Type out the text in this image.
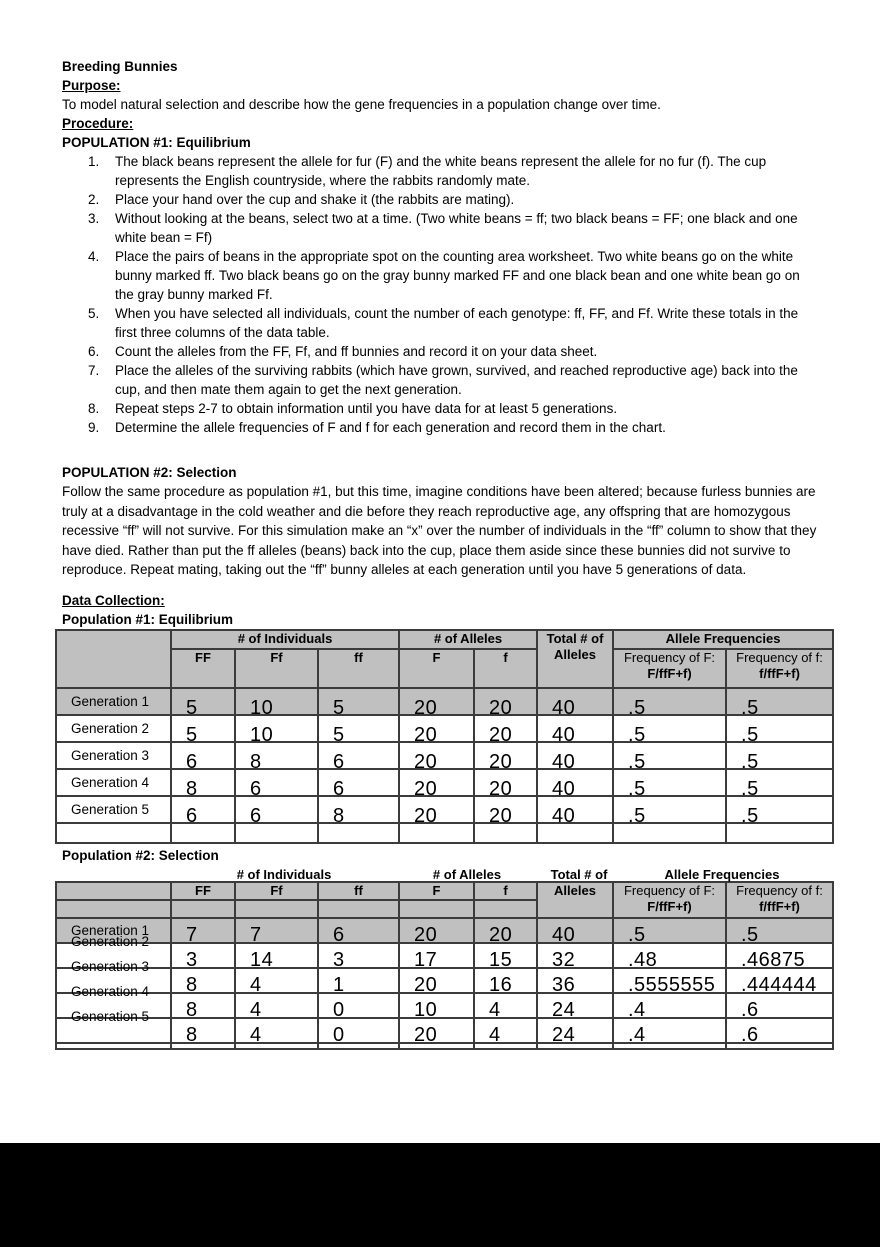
Breeding Bunnies

Purpose:

To model natural selection and describe how the gene frequencies in a population change over time.

Procedure:

POPULATION #1: Equilibrium

1.	The black beans represent the allele for fur (F) and the white beans represent the allele for no fur (f). The cup represents the English countryside, where the rabbits randomly mate.
2.	Place your hand over the cup and shake it (the rabbits are mating).
3.	Without looking at the beans, select two at a time. (Two white beans = ff; two black beans = FF; one black and one white bean = Ff)
4.	Place the pairs of beans in the appropriate spot on the counting area worksheet. Two white beans go on the white bunny marked ff. Two black beans go on the gray bunny marked FF and one black bean and one white bean go on the gray bunny marked Ff.
5.	When you have selected all individuals, count the number of each genotype: ff, FF, and Ff. Write these totals in the first three columns of the data table.
6.	Count the alleles from the FF, Ff, and ff bunnies and record it on your data sheet.
7.	Place the alleles of the surviving rabbits (which have grown, survived, and reached reproductive age) back into the cup, and then mate them again to get the next generation.
8.	Repeat steps 2-7 to obtain information until you have data for at least 5 generations.
9.	Determine the allele frequencies of F and f for each generation and record them in the chart.

POPULATION #2: Selection

Follow the same procedure as population #1, but this time, imagine conditions have been altered; because furless bunnies are truly at a disadvantage in the cold weather and die before they reach reproductive age, any offspring that are homozygous recessive “ff” will not survive. For this simulation make an “x” over the number of individuals in the “ff” column to show that they have died. Rather than put the ff alleles (beans) back into the cup, place them aside since these bunnies did not survive to reproduce. Repeat mating, taking out the “ff” bunny alleles at each generation until you have 5 generations of data.

Data Collection:

Population #1: Equilibrium

	# of Individuals			# of Alleles		Total # of
Alleles	Allele Frequencies	
	FF	Ff	ff	F	f		Frequency of F:
F/ffF+f)	Frequency of f:
f/ffF+f)
Generation 1	5	10	5	20	20	40	.5	.5
Generation 2	5	10	5	20	20	40	.5	.5
Generation 3	6	8	6	20	20	40	.5	.5
Generation 4	8	6	6	20	20	40	.5	.5
Generation 5	6	6	8	20	20	40	.5	.5

Population #2: Selection

# of Individuals	# of Alleles	Total # of	Allele Frequencies
	FF	Ff	ff	F	f	Alleles	Frequency of F:
F/ffF+f)	Frequency of f:
f/ffF+f)

Generation 1	7	7	6	20	20	40	.5	.5
Generation 2	3	14	3	17	15	32	.48	.46875
Generation 3	8	4	1	20	16	36	.5555555	.444444
Generation 4	8	4	0	10	4	24	.4	.6
Generation 5	8	4	0	20	4	24	.4	.6
